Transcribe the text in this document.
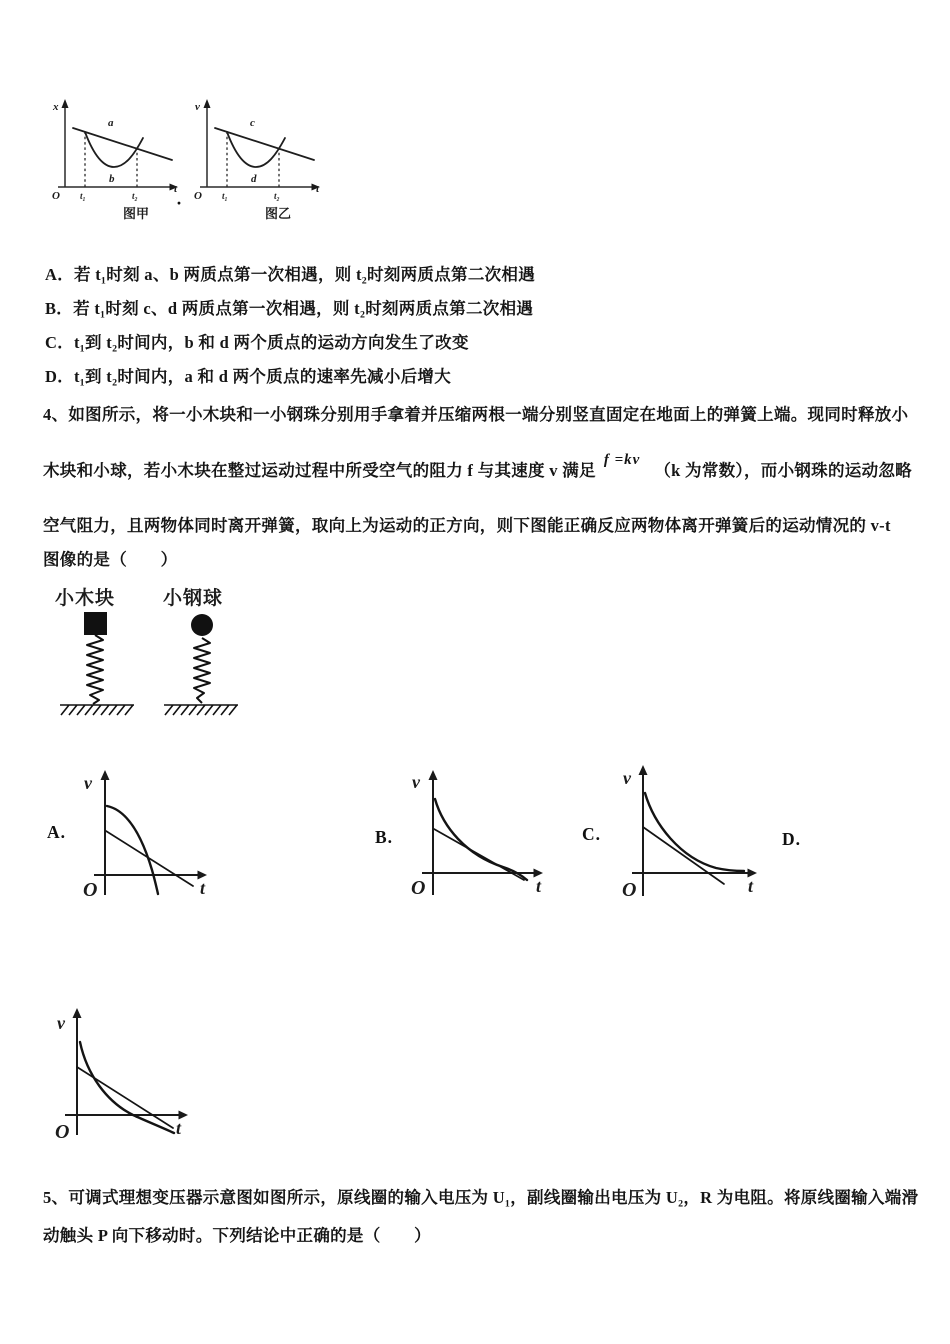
x
t
O
a
b
t₁	t₂
图甲
v
t
O
c
d
t₁	t₂
图乙
·
A．若 t₁时刻 a、b 两质点第一次相遇，则 t₂时刻两质点第二次相遇
B．若 t₁时刻 c、d 两质点第一次相遇，则 t₂时刻两质点第二次相遇
C．t₁到 t₂时间内，b 和 d 两个质点的运动方向发生了改变
D．t₁到 t₂时间内，a 和 d 两个质点的速率先减小后增大
4、如图所示，将一小木块和一小钢珠分别用手拿着并压缩两根一端分别竖直固定在地面上的弹簧上端。现同时释放小
木块和小球，若小木块在整过运动过程中所受空气的阻力 f 与其速度 v 满足
f =kv
（k 为常数），而小钢珠的运动忽略
空气阻力，且两物体同时离开弹簧，取向上为运动的正方向，则下图能正确反应两物体离开弹簧后的运动情况的 v-t
图像的是（　　）
小木块	小钢球
A.
v
O	t
B.
v
O	t
C.
v
O	t
D.
v
O	t
5、可调式理想变压器示意图如图所示，原线圈的输入电压为 U₁，副线圈输出电压为 U₂，R 为电阻。将原线圈输入端滑
动触头 P 向下移动时。下列结论中正确的是（　　）
